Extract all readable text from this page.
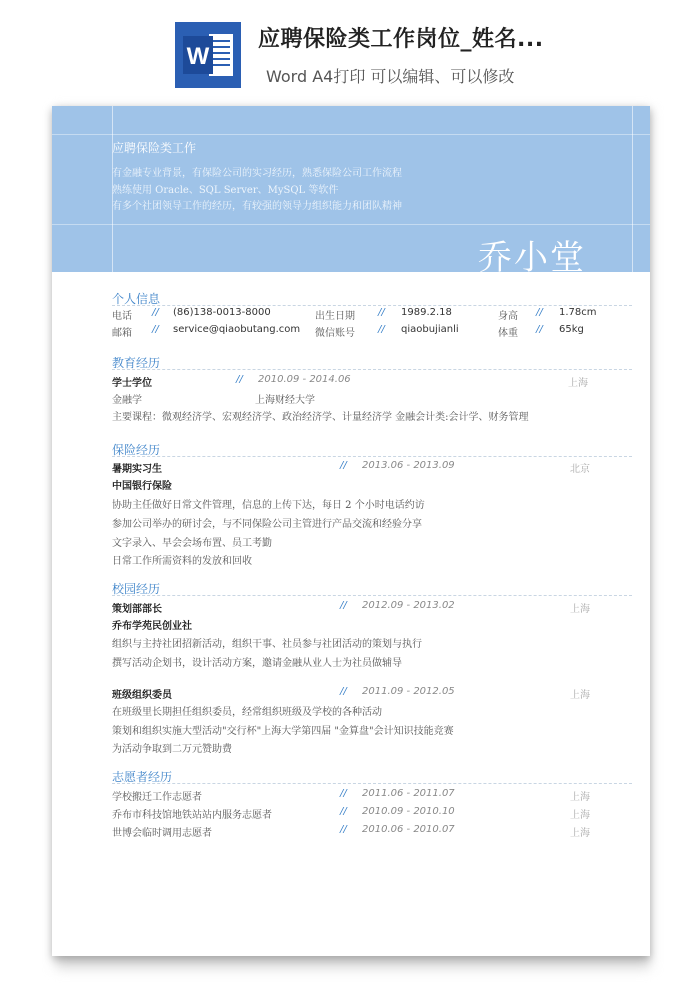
W
应聘保险类工作岗位_姓名...
Word A4打印 可以编辑、可以修改
应聘保险类工作
有金融专业背景，有保险公司的实习经历，熟悉保险公司工作流程
熟练使用 Oracle、SQL Server、MySQL 等软件
有多个社团领导工作的经历，有较强的领导力组织能力和团队精神
乔小堂
个人信息
电话 // (86)138-0013-8000	出生日期 // 1989.2.18	身高 // 1.78cm
邮箱 // service@qiaobutang.com 微信账号 // qiaobujianli	体重 // 65kg
教育经历
学士学位	// 2010.09 - 2014.06	上海
金融学	上海财经大学
主要课程：微观经济学、宏观经济学、政治经济学、计量经济学 金融会计类:会计学、财务管理
保险经历
暑期实习生	// 2013.06 - 2013.09	北京
中国银行保险
协助主任做好日常文件管理，信息的上传下达，每日 2 个小时电话约访
参加公司举办的研讨会，与不同保险公司主管进行产品交流和经验分享
文字录入、早会会场布置、员工考勤
日常工作所需资料的发放和回收
校园经历
策划部部长	// 2012.09 - 2013.02	上海
乔布学苑民创业社
组织与主持社团招新活动，组织干事、社员参与社团活动的策划与执行
撰写活动企划书，设计活动方案，邀请金融从业人士为社员做辅导
班级组织委员	// 2011.09 - 2012.05	上海
在班级里长期担任组织委员，经常组织班级及学校的各种活动
策划和组织实施大型活动"交行杯"上海大学第四届 "金算盘"会计知识技能竞赛
为活动争取到二万元赞助费
志愿者经历
学校搬迁工作志愿者	// 2011.06 - 2011.07	上海
乔布市科技馆地铁站站内服务志愿者	// 2010.09 - 2010.10	上海
世博会临时调用志愿者	// 2010.06 - 2010.07	上海
